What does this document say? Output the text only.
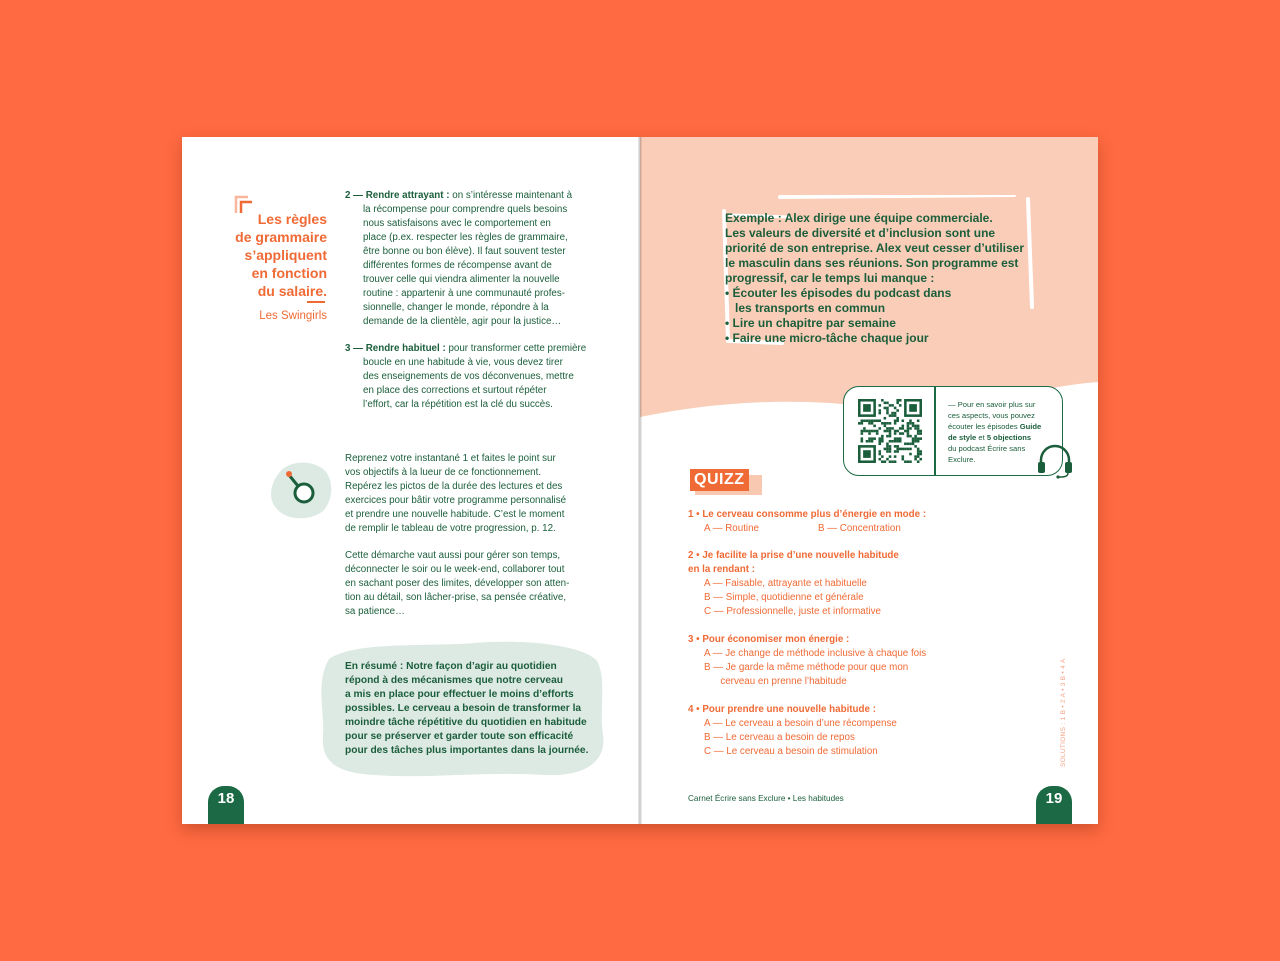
Les règles
de grammaire
s’appliquent
en fonction
du salaire.
Les Swingirls
2 — Rendre attrayant : on s’intéresse maintenant à
la récompense pour comprendre quels besoins
nous satisfaisons avec le comportement en
place (p.ex. respecter les règles de grammaire,
être bonne ou bon élève). Il faut souvent tester
différentes formes de récompense avant de
trouver celle qui viendra alimenter la nouvelle
routine : appartenir à une communauté profes-
sionnelle, changer le monde, répondre à la
demande de la clientèle, agir pour la justice…
3 — Rendre habituel : pour transformer cette première
boucle en une habitude à vie, vous devez tirer
des enseignements de vos déconvenues, mettre
en place des corrections et surtout répéter
l’effort, car la répétition est la clé du succès.
Reprenez votre instantané 1 et faites le point sur
vos objectifs à la lueur de ce fonctionnement.
Repérez les pictos de la durée des lectures et des
exercices pour bâtir votre programme personnalisé
et prendre une nouvelle habitude. C’est le moment
de remplir le tableau de votre progression, p. 12.
Cette démarche vaut aussi pour gérer son temps,
déconnecter le soir ou le week-end, collaborer tout
en sachant poser des limites, développer son atten-
tion au détail, son lâcher-prise, sa pensée créative,
sa patience…
En résumé : Notre façon d’agir au quotidien
répond à des mécanismes que notre cerveau
a mis en place pour effectuer le moins d’efforts
possibles. Le cerveau a besoin de transformer la
moindre tâche répétitive du quotidien en habitude
pour se préserver et garder toute son efficacité
pour des tâches plus importantes dans la journée.
18
Exemple : Alex dirige une équipe commerciale.
Les valeurs de diversité et d’inclusion sont une
priorité de son entreprise. Alex veut cesser d’utiliser
le masculin dans ses réunions. Son programme est
progressif, car le temps lui manque :
• Écouter les épisodes du podcast dans
les transports en commun
• Lire un chapitre par semaine
• Faire une micro-tâche chaque jour
— Pour en savoir plus sur
ces aspects, vous pouvez
écouter les épisodes Guide
de style et 5 objections
du podcast Écrire sans
Exclure.
QUIZZ
1 • Le cerveau consomme plus d’énergie en mode :
A — Routine	B — Concentration
2 • Je facilite la prise d’une nouvelle habitude
en la rendant :
A — Faisable, attrayante et habituelle
B — Simple, quotidienne et générale
C — Professionnelle, juste et informative
3 • Pour économiser mon énergie :
A — Je change de méthode inclusive à chaque fois
B — Je garde la même méthode pour que mon
cerveau en prenne l’habitude
4 • Pour prendre une nouvelle habitude :
A — Le cerveau a besoin d’une récompense
B — Le cerveau a besoin de repos
C — Le cerveau a besoin de stimulation	SOLUTIONS : 1 B • 2 A • 3 B • 4 A
Carnet Écrire sans Exclure • Les habitudes	19
